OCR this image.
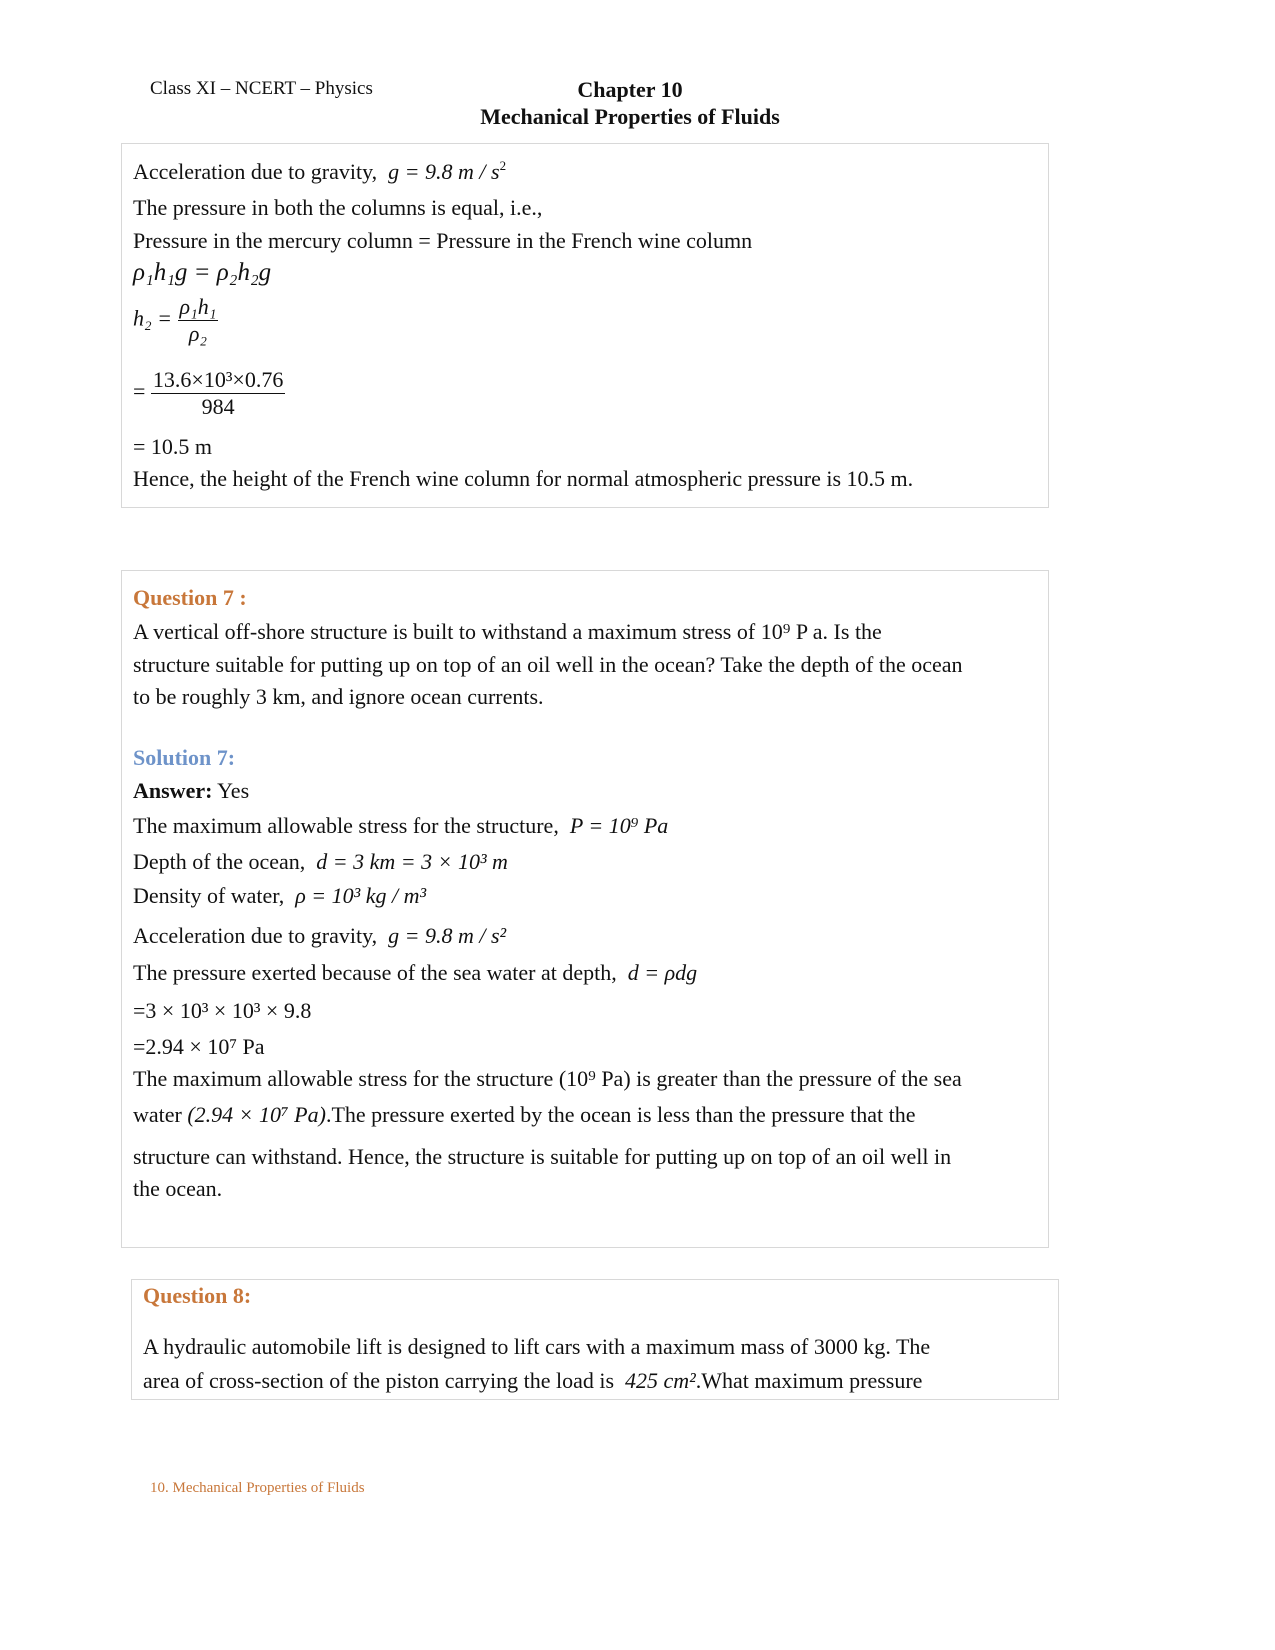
Class XI – NCERT – Physics	Chapter 10
Mechanical Properties of Fluids
Acceleration due to gravity, g = 9.8 m / $s^2$
The pressure in both the columns is equal, i.e.,
Pressure in the mercury column = Pressure in the French wine column
ρ₁h₁g = ρ₂h₂g
$h_2 = \frac{\text{ρ₁h₁}}{\text{ρ₂}}$
= $\frac{\text{13.6×10³×0.76}}{984}$
= 10.5 m
Hence, the height of the French wine column for normal atmospheric pressure is 10.5 m.
Question 7 :
A vertical off-shore structure is built to withstand a maximum stress of 10⁹ P a. Is the
structure suitable for putting up on top of an oil well in the ocean? Take the depth of the ocean
to be roughly 3 km, and ignore ocean currents.
Solution 7:
Answer: Yes
The maximum allowable stress for the structure, P = 10⁹ Pa
Depth of the ocean, d = 3 km = 3 × 10³ m
Density of water, ρ = 10³ kg / m³
Acceleration due to gravity, g = 9.8 m / s²
The pressure exerted because of the sea water at depth, d = ρdg
=3 × 10³ × 10³ × 9.8
=2.94 × 10⁷ Pa
The maximum allowable stress for the structure (10⁹ Pa) is greater than the pressure of the sea
water (2.94 × 10⁷ Pa).The pressure exerted by the ocean is less than the pressure that the
structure can withstand. Hence, the structure is suitable for putting up on top of an oil well in
the ocean.
Question 8:
A hydraulic automobile lift is designed to lift cars with a maximum mass of 3000 kg. The
area of cross-section of the piston carrying the load is 425 cm².What maximum pressure
10. Mechanical Properties of Fluids
